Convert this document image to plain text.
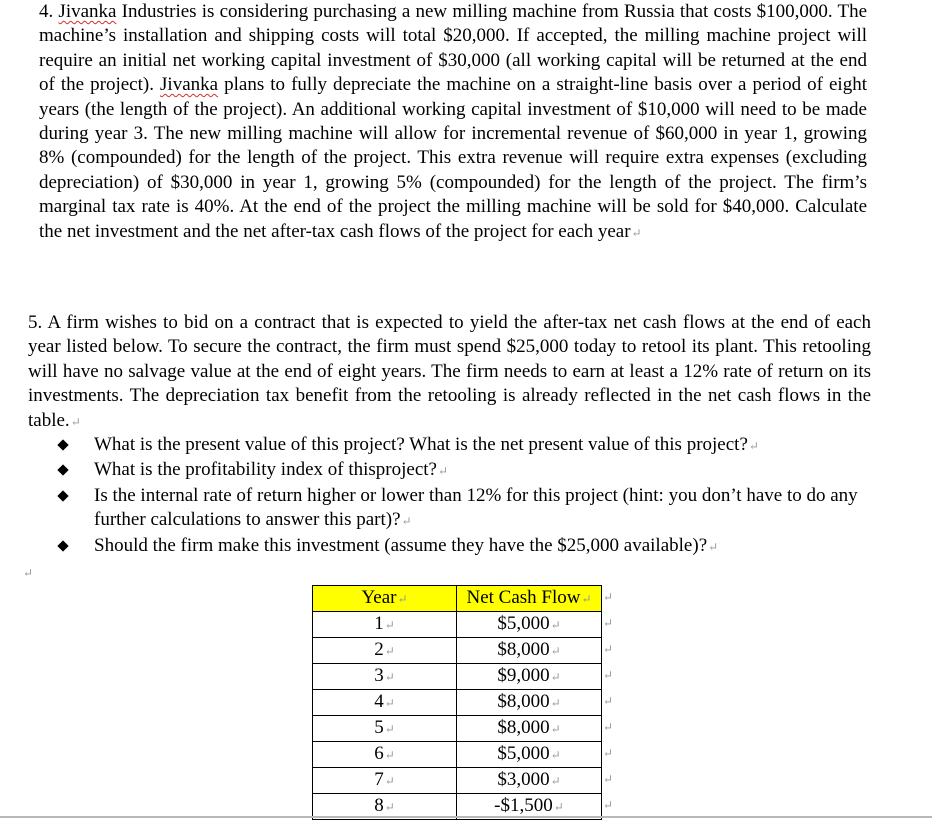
4. Jivanka Industries is considering purchasing a new milling machine from Russia that costs $100,000. The machine’s installation and shipping costs will total $20,000. If accepted, the milling machine project will require an initial net working capital investment of $30,000 (all working capital will be returned at the end of the project). Jivanka plans to fully depreciate the machine on a straight-line basis over a period of eight years (the length of the project). An additional working capital investment of $10,000 will need to be made during year 3. The new milling machine will allow for incremental revenue of $60,000 in year 1, growing 8% (compounded) for the length of the project. This extra revenue will require extra expenses (excluding depreciation) of $30,000 in year 1, growing 5% (compounded) for the length of the project. The firm’s marginal tax rate is 40%. At the end of the project the milling machine will be sold for $40,000. Calculate the net investment and the net after-tax cash flows of the project for each year↵

5. A firm wishes to bid on a contract that is expected to yield the after-tax net cash flows at the end of each year listed below. To secure the contract, the firm must spend $25,000 today to retool its plant. This retooling will have no salvage value at the end of eight years. The firm needs to earn at least a 12% rate of return on its investments. The depreciation tax benefit from the retooling is already reflected in the net cash flows in the table.↵

What is the present value of this project? What is the net present value of this project?↵
What is the profitability index of thisproject?↵
Is the internal rate of return higher or lower than 12% for this project (hint: you don’t have to do any further calculations to answer this part)?↵
Should the firm make this investment (assume they have the $25,000 available)?↵
↵
Year↵	Net Cash Flow↵
1↵	$5,000↵
2↵	$8,000↵
3↵	$9,000↵
4↵	$8,000↵
5↵	$8,000↵
6↵	$5,000↵
7↵	$3,000↵
8↵	-$1,500↵
↵
↵
↵
↵
↵
↵
↵
↵
↵
